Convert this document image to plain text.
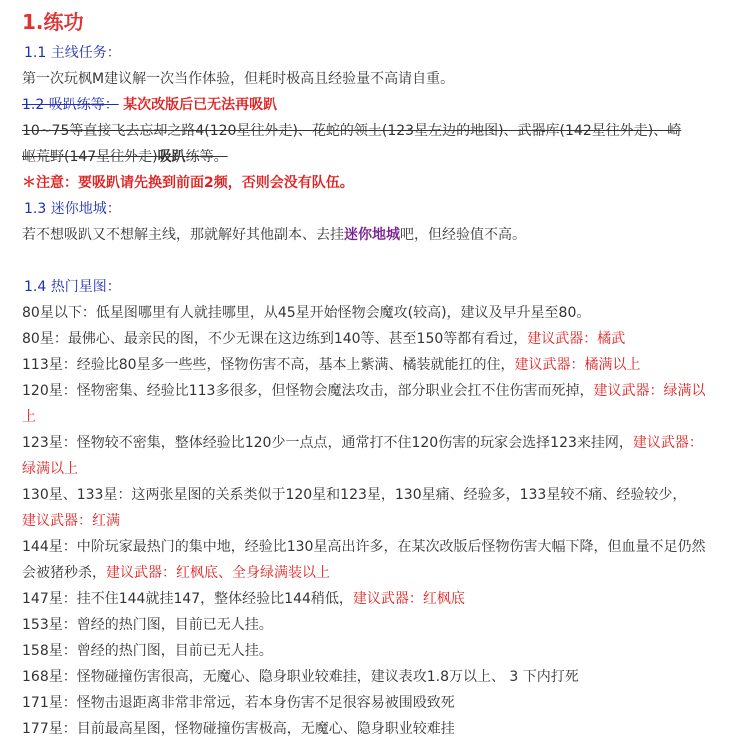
1.练功
1.1 主线任务：
第一次玩枫M建议解一次当作体验，但耗时极高且经验量不高请自重。
1.2 吸趴练等： 某次改版后已无法再吸趴
10~75等直接飞去忘却之路4(120星往外走)、花蛇的领土(123星左边的地图)、武器库(142星往外走)、崎
岖荒野(147星往外走)吸趴练等。
＊注意：要吸趴请先换到前面2频，否则会没有队伍。
1.3 迷你地城：
若不想吸趴又不想解主线，那就解好其他副本、去挂迷你地城吧，但经验值不高。
1.4 热门星图：
80星以下：低星图哪里有人就挂哪里，从45星开始怪物会魔攻(较高)，建议及早升星至80。
80星：最佛心、最亲民的图，不少无课在这边练到140等、甚至150等都有看过，建议武器：橘武
113星：经验比80星多一些些，怪物伤害不高，基本上紫满、橘装就能扛的住，建议武器：橘满以上
120星：怪物密集、经验比113多很多，但怪物会魔法攻击，部分职业会扛不住伤害而死掉，建议武器：绿满以上
123星：怪物较不密集，整体经验比120少一点点，通常打不住120伤害的玩家会选择123来挂网，建议武器：绿满以上
130星、133星：这两张星图的关系类似于120星和123星，130星痛、经验多，133星较不痛、经验较少，建议武器：红满
144星：中阶玩家最热门的集中地，经验比130星高出许多，在某次改版后怪物伤害大幅下降，但血量不足仍然会被猪秒杀，建议武器：红枫底、全身绿满装以上
147星：挂不住144就挂147，整体经验比144稍低，建议武器：红枫底
153星：曾经的热门图，目前已无人挂。
158星：曾经的热门图，目前已无人挂。
168星：怪物碰撞伤害很高，无魔心、隐身职业较难挂，建议表攻1.8万以上、 3 下内打死
171星：怪物击退距离非常非常远，若本身伤害不足很容易被围殴致死
177星：目前最高星图，怪物碰撞伤害极高，无魔心、隐身职业较难挂
